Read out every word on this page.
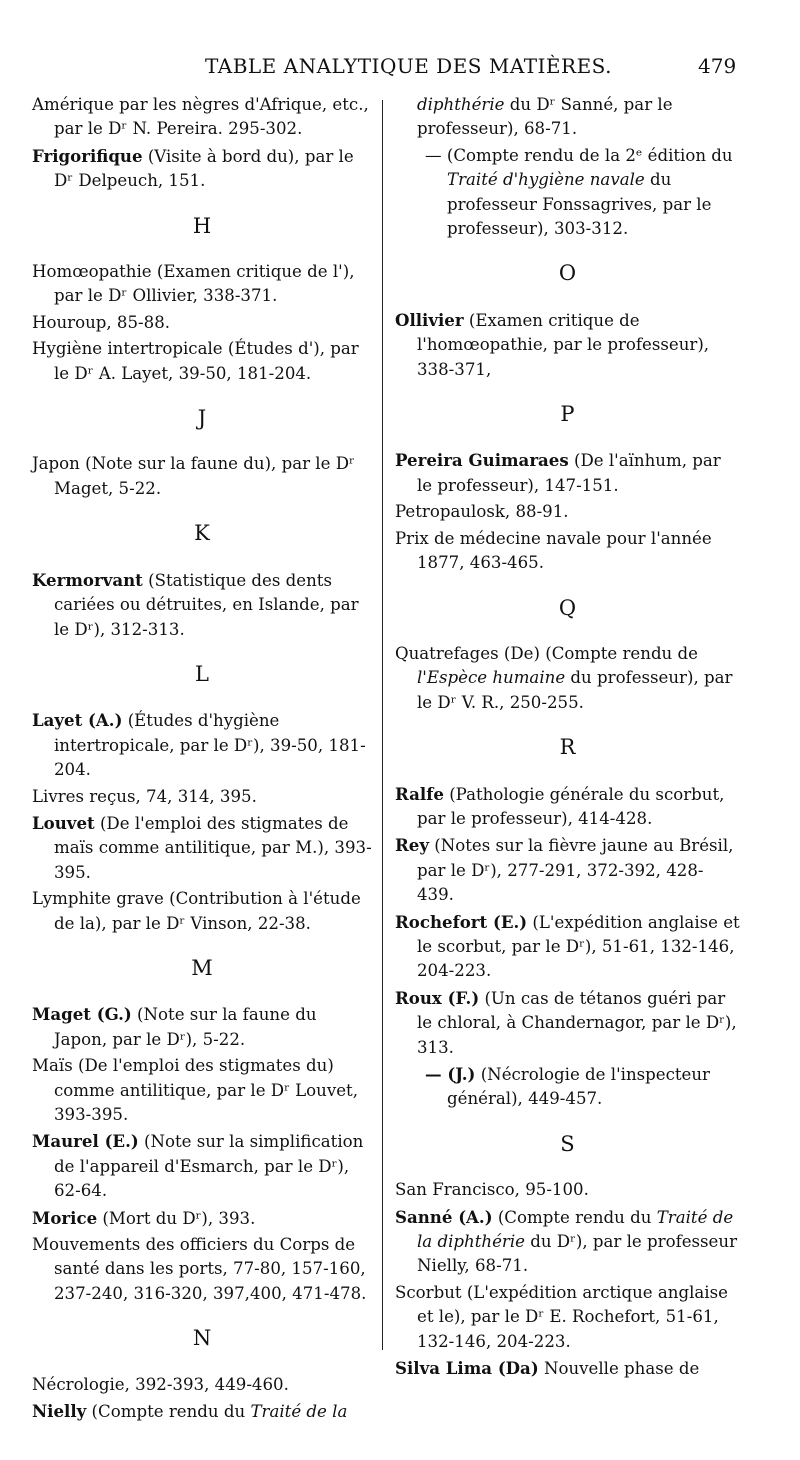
TABLE ANALYTIQUE DES MATIÈRES.	479
Amérique par les nègres d'Afrique, etc., par le Dʳ N. Pereira. 295-302.
Frigorifique (Visite à bord du), par le Dʳ Delpeuch, 151.
H
Homœopathie (Examen critique de l'), par le Dʳ Ollivier, 338-371.
Houroup, 85-88.
Hygiène intertropicale (Études d'), par le Dʳ A. Layet, 39-50, 181-204.
J
Japon (Note sur la faune du), par le Dʳ Maget, 5-22.
K
Kermorvant (Statistique des dents cariées ou détruites, en Islande, par le Dʳ), 312-313.
L
Layet (A.) (Études d'hygiène intertropicale, par le Dʳ), 39-50, 181-204.
Livres reçus, 74, 314, 395.
Louvet (De l'emploi des stigmates de maïs comme antilitique, par M.), 393-395.
Lymphite grave (Contribution à l'étude de la), par le Dʳ Vinson, 22-38.
M
Maget (G.) (Note sur la faune du Japon, par le Dʳ), 5-22.
Maïs (De l'emploi des stigmates du) comme antilitique, par le Dʳ Louvet, 393-395.
Maurel (E.) (Note sur la simplification de l'appareil d'Esmarch, par le Dʳ), 62-64.
Morice (Mort du Dʳ), 393.
Mouvements des officiers du Corps de santé dans les ports, 77-80, 157-160, 237-240, 316-320, 397,400, 471-478.
N
Nécrologie, 392-393, 449-460.
Nielly (Compte rendu du Traité de la
diphthérie du Dʳ Sanné, par le professeur), 68-71.
— (Compte rendu de la 2ᵉ édition du Traité d'hygiène navale du professeur Fonssagrives, par le professeur), 303-312.
O
Ollivier (Examen critique de l'homœopathie, par le professeur), 338-371,
P
Pereira Guimaraes (De l'aïnhum, par le professeur), 147-151.
Petropaulosk, 88-91.
Prix de médecine navale pour l'année 1877, 463-465.
Q
Quatrefages (De) (Compte rendu de l'Espèce humaine du professeur), par le Dʳ V. R., 250-255.
R
Ralfe (Pathologie générale du scorbut, par le professeur), 414-428.
Rey (Notes sur la fièvre jaune au Brésil, par le Dʳ), 277-291, 372-392, 428-439.
Rochefort (E.) (L'expédition anglaise et le scorbut, par le Dʳ), 51-61, 132-146, 204-223.
Roux (F.) (Un cas de tétanos guéri par le chloral, à Chandernagor, par le Dʳ), 313.
— (J.) (Nécrologie de l'inspecteur général), 449-457.
S
San Francisco, 95-100.
Sanné (A.) (Compte rendu du Traité de la diphthérie du Dʳ), par le professeur Nielly, 68-71.
Scorbut (L'expédition arctique anglaise et le), par le Dʳ E. Rochefort, 51-61, 132-146, 204-223.
Silva Lima (Da) Nouvelle phase de
